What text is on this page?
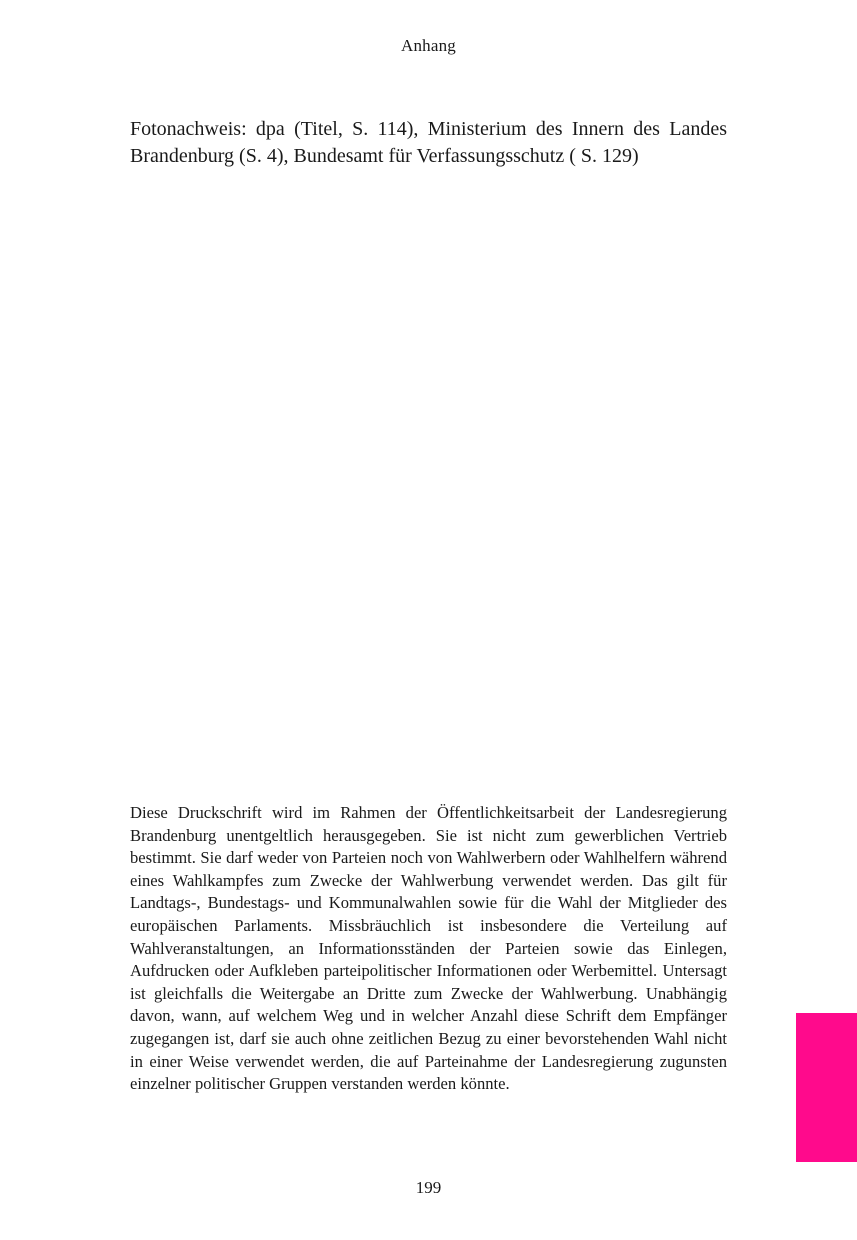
Anhang

Fotonachweis: dpa (Titel, S. 114), Ministerium des Innern des Landes Brandenburg (S. 4), Bundesamt für Verfassungsschutz ( S. 129)

Diese Druckschrift wird im Rahmen der Öffentlichkeitsarbeit der Landesregierung Brandenburg unentgeltlich herausgegeben. Sie ist nicht zum gewerblichen Vertrieb bestimmt. Sie darf weder von Parteien noch von Wahlwerbern oder Wahlhelfern während eines Wahlkampfes zum Zwecke der Wahlwerbung verwendet werden. Das gilt für Landtags-, Bundestags- und Kommunalwahlen sowie für die Wahl der Mitglieder des europäischen Parlaments. Missbräuchlich ist insbesondere die Verteilung auf Wahlveranstaltungen, an Informationsständen der Parteien sowie das Einlegen, Aufdrucken oder Aufkleben parteipolitischer Informationen oder Werbemittel. Untersagt ist gleichfalls die Weitergabe an Dritte zum Zwecke der Wahlwerbung. Unabhängig davon, wann, auf welchem Weg und in welcher Anzahl diese Schrift dem Empfänger zugegangen ist, darf sie auch ohne zeitlichen Bezug zu einer bevorstehenden Wahl nicht in einer Weise verwendet werden, die auf Parteinahme der Landesregierung zugunsten einzelner politischer Gruppen verstanden werden könnte.

199
